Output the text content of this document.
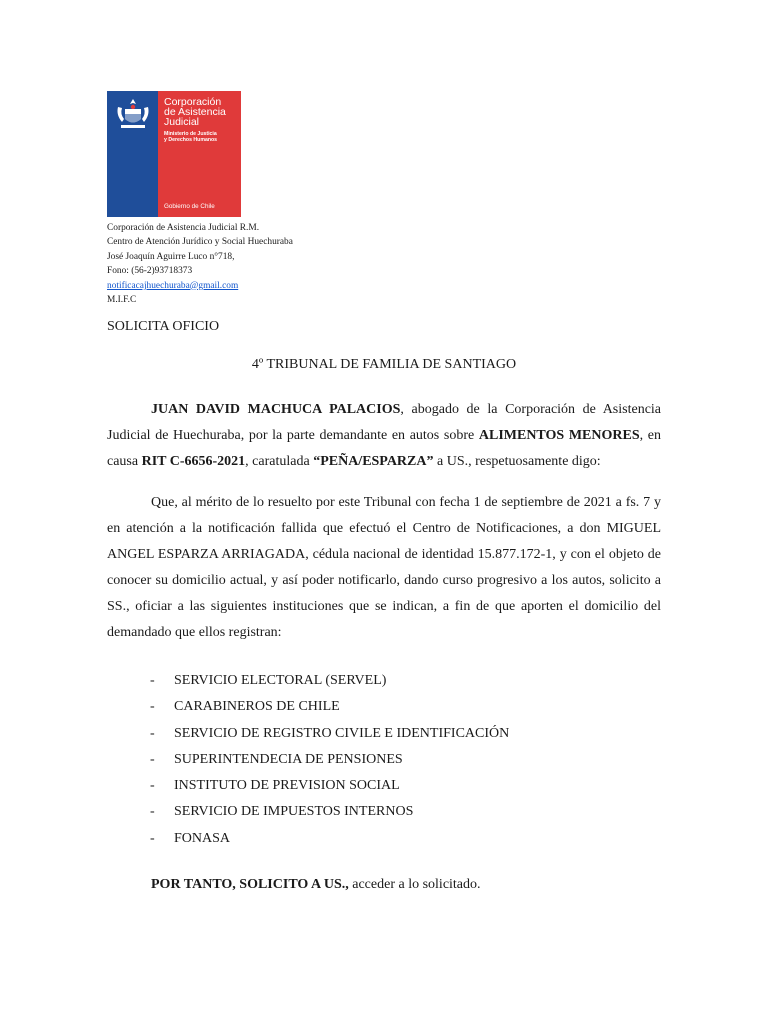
Corporación
de Asistencia
Judicial
Ministerio de Justicia
y Derechos Humanos
Gobierno de Chile
Corporación de Asistencia Judicial R.M.
Centro de Atención Jurídico y Social Huechuraba
José Joaquín Aguirre Luco n°718,
Fono: (56-2)93718373
notificacajhuechuraba@gmail.com
M.I.F.C
SOLICITA OFICIO
4º TRIBUNAL DE FAMILIA DE SANTIAGO
JUAN DAVID MACHUCA PALACIOS, abogado de la Corporación de Asistencia Judicial de Huechuraba, por la parte demandante en autos sobre ALIMENTOS MENORES, en causa RIT C-6656-2021, caratulada “PEÑA/ESPARZA” a US., respetuosamente digo:
Que, al mérito de lo resuelto por este Tribunal con fecha 1 de septiembre de 2021 a fs. 7 y en atención a la notificación fallida que efectuó el Centro de Notificaciones, a don MIGUEL ANGEL ESPARZA ARRIAGADA, cédula nacional de identidad 15.877.172-1, y con el objeto de conocer su domicilio actual, y así poder notificarlo, dando curso progresivo a los autos, solicito a SS., oficiar a las siguientes instituciones que se indican, a fin de que aporten el domicilio del demandado que ellos registran:
- SERVICIO ELECTORAL (SERVEL)
- CARABINEROS DE CHILE
- SERVICIO DE REGISTRO CIVILE E IDENTIFICACIÓN
- SUPERINTENDECIA DE PENSIONES
- INSTITUTO DE PREVISION SOCIAL
- SERVICIO DE IMPUESTOS INTERNOS
- FONASA
POR TANTO, SOLICITO A US., acceder a lo solicitado.
